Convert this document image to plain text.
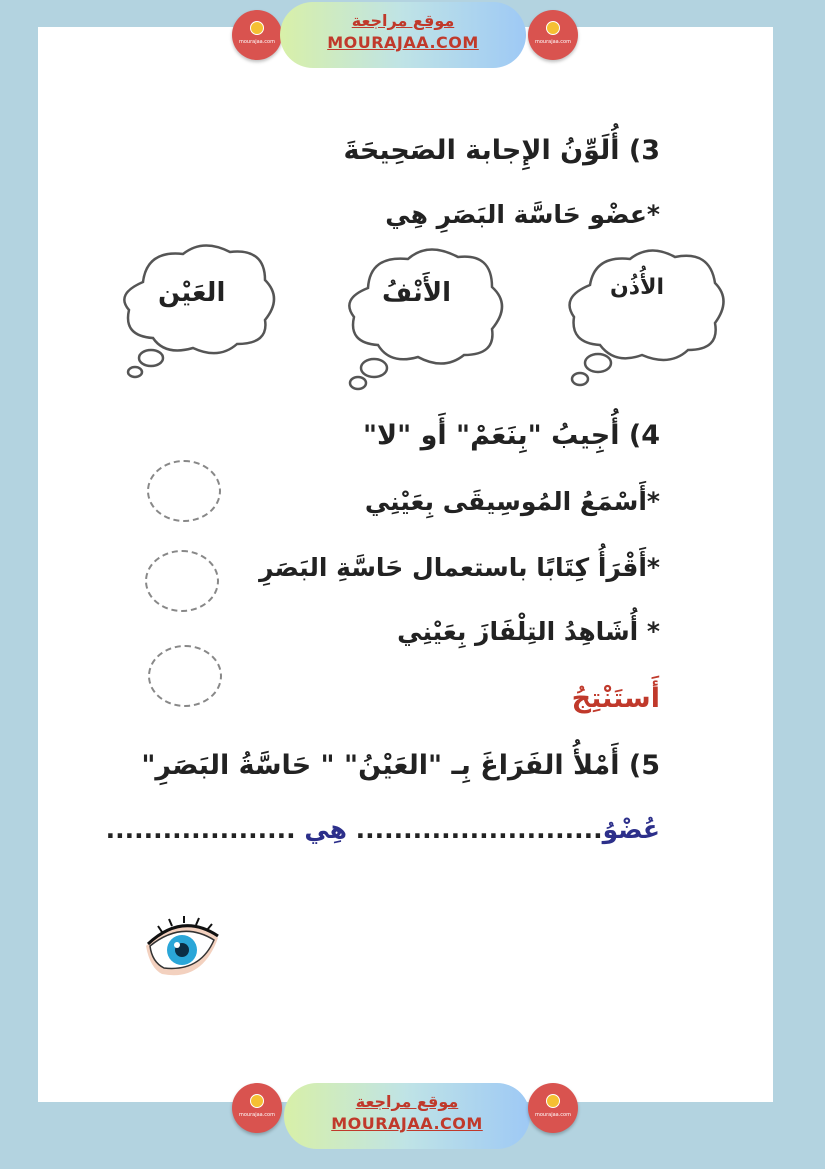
mourajaa.com
موقع مراجعة
MOURAJAA.COM	mourajaa.com
3) أُلَوِّنُ الإِجابة الصَحِيحَةَ
*عضْو حَاسَّة البَصَرِ هِي
الأُذُن
الأَنْفُ
العَيْن
4) أُجِيبُ "بِنَعَمْ" أَو "لا"
*أَسْمَعُ المُوسِيقَى بِعَيْنِي
*أَقْرَأُ كِتَابًا باستعمال حَاسَّةِ البَصَرِ
* أُشَاهِدُ التِلْفَازَ بِعَيْنِي
أَستَنْتِجُ
5) أَمْلأُ الفَرَاغَ بِـ "العَيْنُ" " حَاسَّةُ البَصَرِ"
عُضْوُ.......................... هِي ....................
mourajaa.com
موقع مراجعة
MOURAJAA.COM	mourajaa.com
